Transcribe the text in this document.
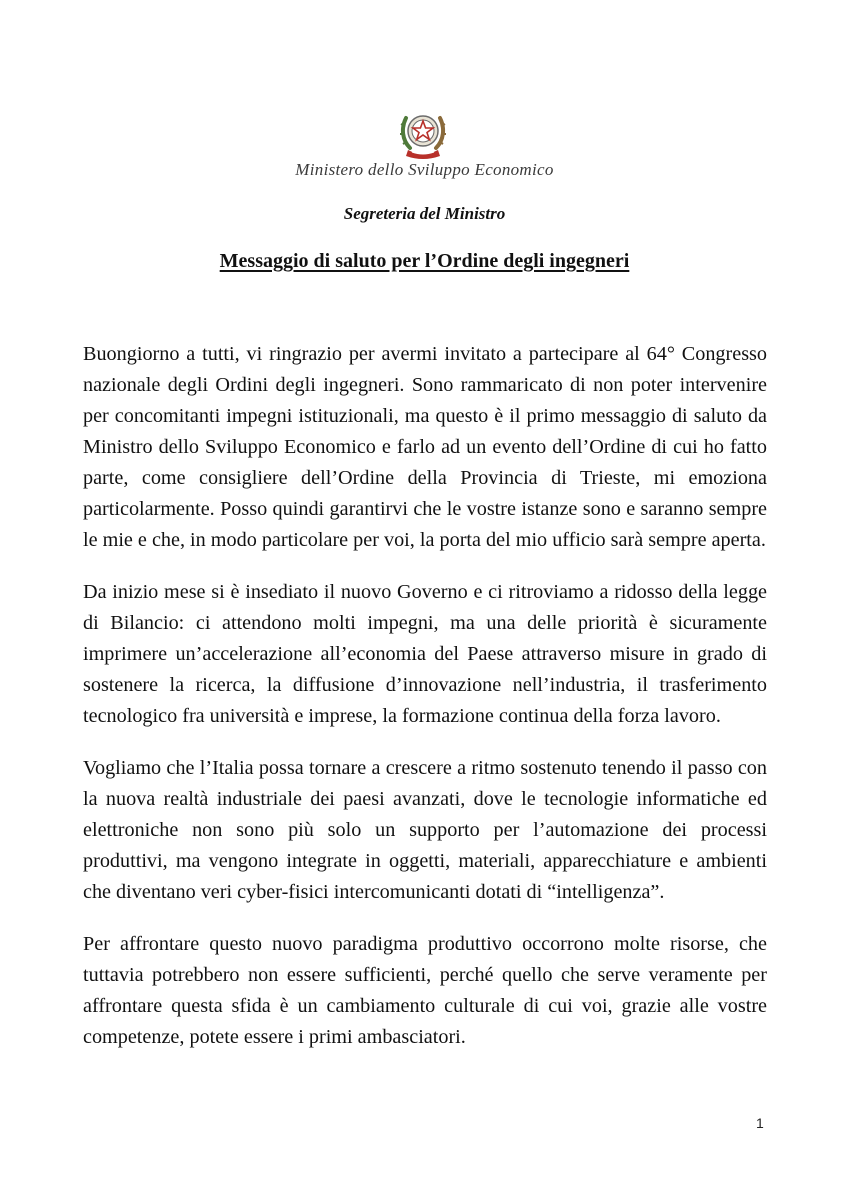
Ministero dello Sviluppo Economico
Segreteria del Ministro
Messaggio di saluto per l’Ordine degli ingegneri

Buongiorno a tutti, vi ringrazio per avermi invitato a partecipare al 64° Congresso nazionale degli Ordini degli ingegneri. Sono rammaricato di non poter intervenire per concomitanti impegni istituzionali, ma questo è il primo messaggio di saluto da Ministro dello Sviluppo Economico e farlo ad un evento dell’Ordine di cui ho fatto parte, come consigliere dell’Ordine della Provincia di Trieste, mi emoziona particolarmente. Posso quindi garantirvi che le vostre istanze sono e saranno sempre le mie e che, in modo particolare per voi, la porta del mio ufficio sarà sempre aperta.

Da inizio mese si è insediato il nuovo Governo e ci ritroviamo a ridosso della legge di Bilancio: ci attendono molti impegni, ma una delle priorità è sicuramente imprimere un’accelerazione all’economia del Paese attraverso misure in grado di sostenere la ricerca, la diffusione d’innovazione nell’industria, il trasferimento tecnologico fra università e imprese, la formazione continua della forza lavoro.

Vogliamo che l’Italia possa tornare a crescere a ritmo sostenuto tenendo il passo con la nuova realtà industriale dei paesi avanzati, dove le tecnologie informatiche ed elettroniche non sono più solo un supporto per l’automazione dei processi produttivi, ma vengono integrate in oggetti, materiali, apparecchiature e ambienti che diventano veri cyber-fisici intercomunicanti dotati di “intelligenza”.

Per affrontare questo nuovo paradigma produttivo occorrono molte risorse, che tuttavia potrebbero non essere sufficienti, perché quello che serve veramente per affrontare questa sfida è un cambiamento culturale di cui voi, grazie alle vostre competenze, potete essere i primi ambasciatori.

1
